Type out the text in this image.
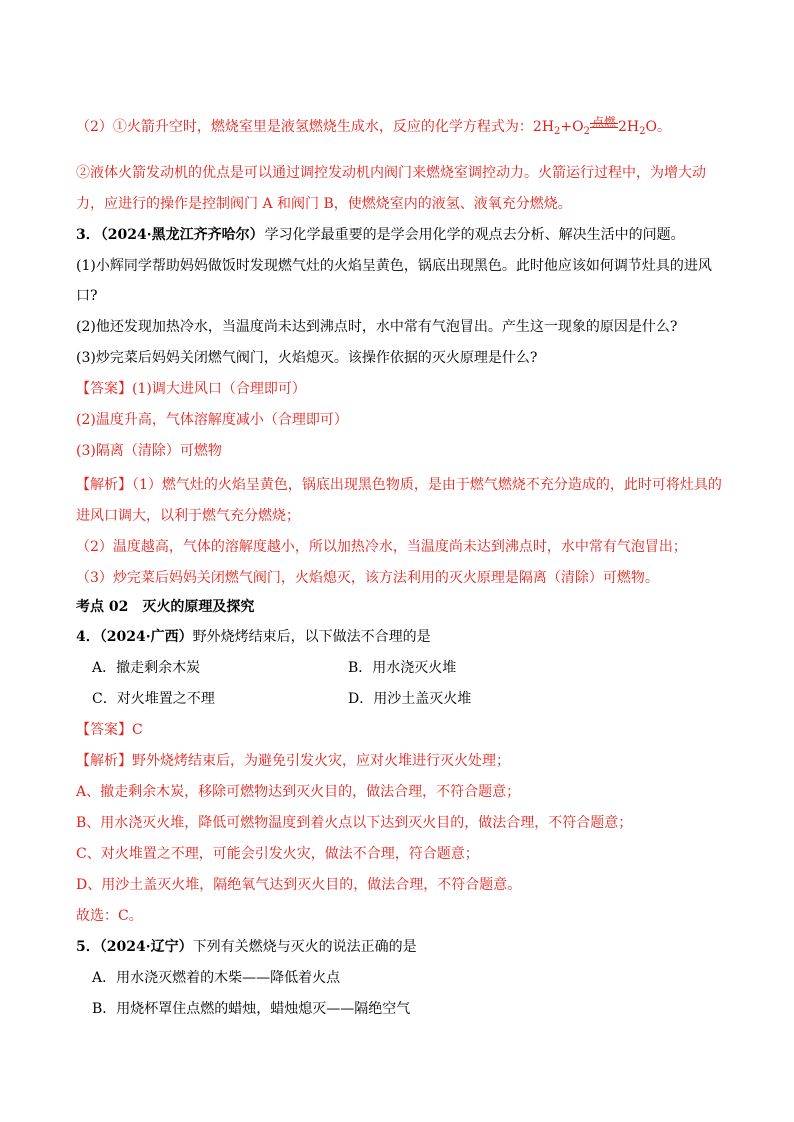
（2）①火箭升空时，燃烧室里是液氢燃烧生成水，反应的化学方程式为：$2H_2+O_2$
点燃 $2H_2O$。
②液体火箭发动机的优点是可以通过调控发动机内阀门来燃烧室调控动力。火箭运行过程中，为增大动
力，应进行的操作是控制阀门 A 和阀门 B，使燃烧室内的液氢、液氧充分燃烧。
3．（2024·黑龙江齐齐哈尔）学习化学最重要的是学会用化学的观点去分析、解决生活中的问题。
(1)小辉同学帮助妈妈做饭时发现燃气灶的火焰呈黄色，锅底出现黑色。此时他应该如何调节灶具的进风
口?
(2)他还发现加热冷水，当温度尚未达到沸点时，水中常有气泡冒出。产生这一现象的原因是什么?
(3)炒完菜后妈妈关闭燃气阀门，火焰熄灭。该操作依据的灭火原理是什么?
【答案】(1)调大进风口（合理即可）
(2)温度升高，气体溶解度减小（合理即可）
(3)隔离（清除）可燃物
【解析】（1）燃气灶的火焰呈黄色，锅底出现黑色物质，是由于燃气燃烧不充分造成的，此时可将灶具的
进风口调大，以利于燃气充分燃烧；
（2）温度越高，气体的溶解度越小，所以加热冷水，当温度尚未达到沸点时，水中常有气泡冒出；
（3）炒完菜后妈妈关闭燃气阀门，火焰熄灭，该方法利用的灭火原理是隔离（清除）可燃物。
考点 02　灭火的原理及探究
4．（2024·广西）野外烧烤结束后，以下做法不合理的是
A．撤走剩余木炭	B．用水浇灭火堆
C．对火堆置之不理	D．用沙土盖灭火堆
【答案】C
【解析】野外烧烤结束后，为避免引发火灾，应对火堆进行灭火处理；
A、撤走剩余木炭，移除可燃物达到灭火目的，做法合理，不符合题意；
B、用水浇灭火堆，降低可燃物温度到着火点以下达到灭火目的，做法合理，不符合题意；
C、对火堆置之不理，可能会引发火灾，做法不合理，符合题意；
D、用沙土盖灭火堆，隔绝氧气达到灭火目的，做法合理，不符合题意。
故选：C。
5．（2024·辽宁）下列有关燃烧与灭火的说法正确的是
A．用水浇灭燃着的木柴——降低着火点
B．用烧杯罩住点燃的蜡烛，蜡烛熄灭——隔绝空气
